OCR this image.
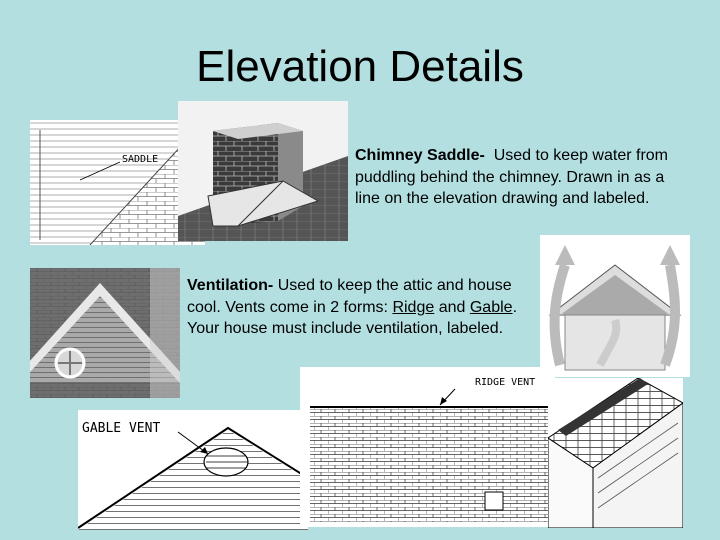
Elevation Details
SADDLE	Chimney Saddle- Used to keep water from puddling behind the chimney. Drawn in as a line on the elevation drawing and labeled.
Ventilation- Used to keep the attic and house cool. Vents come in 2 forms: Ridge and Gable. Your house must include ventilation, labeled.
GABLE VENT
RIDGE VENT
